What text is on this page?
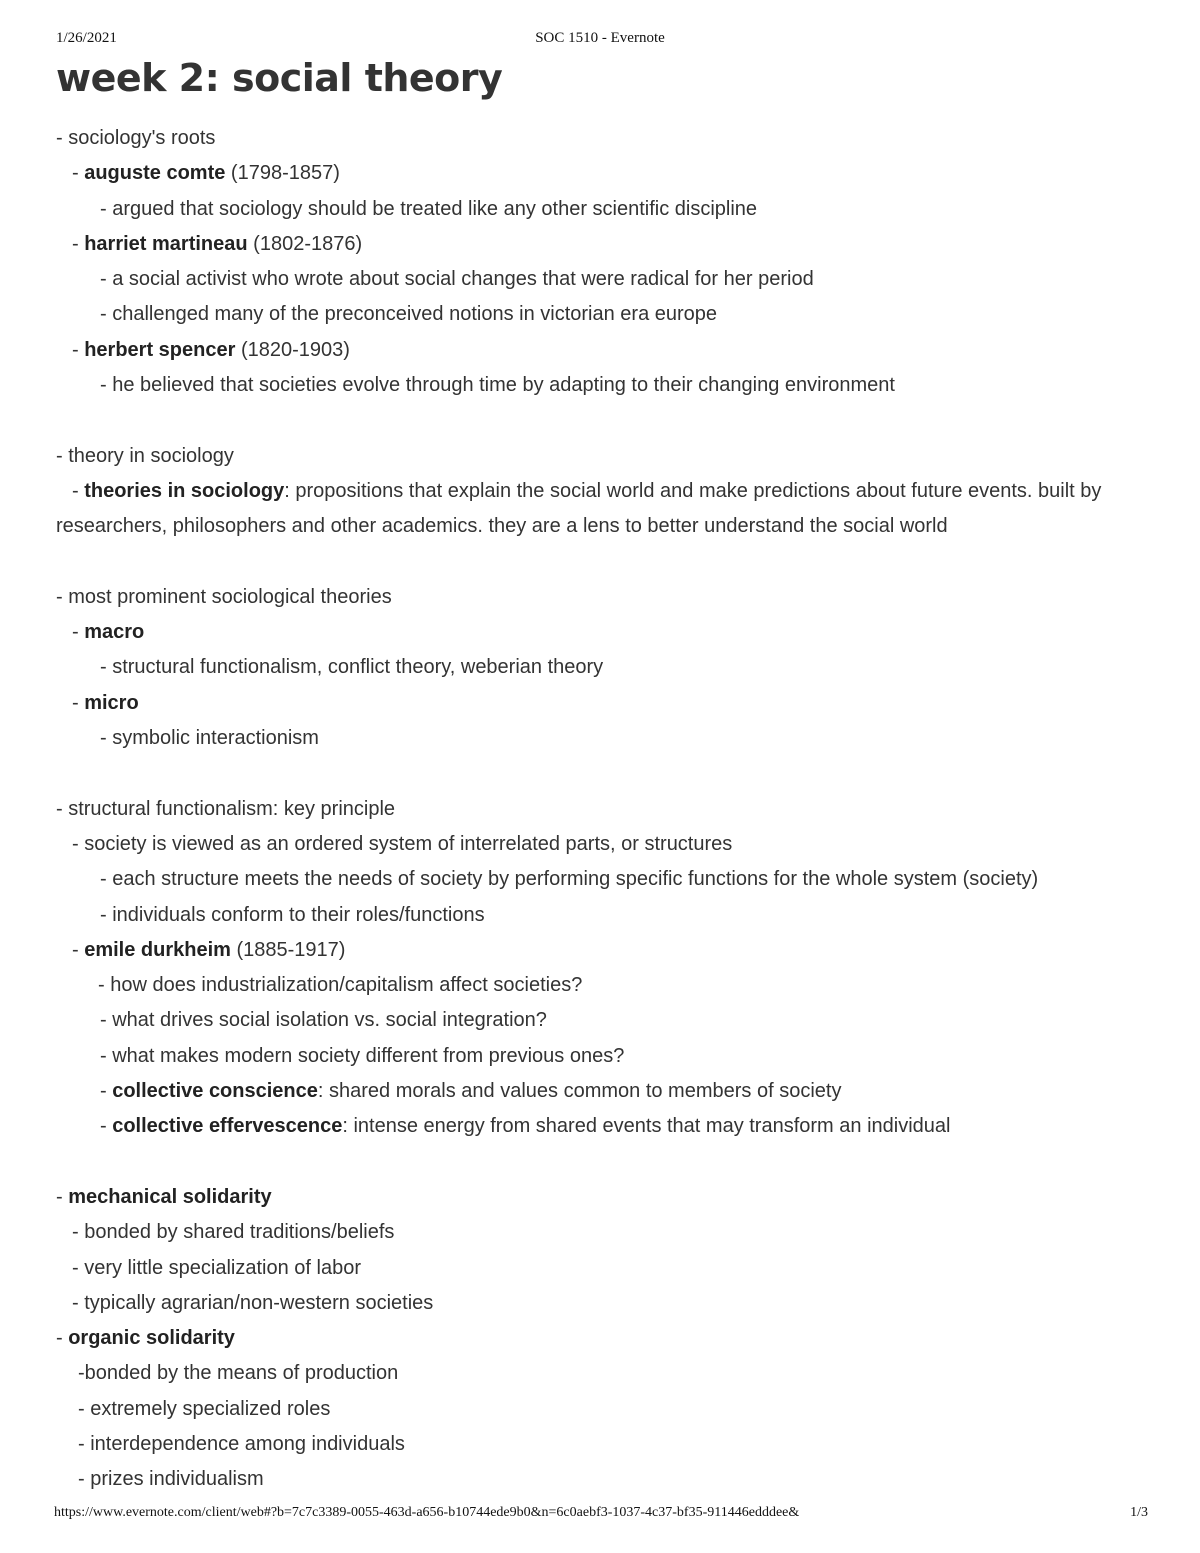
1/26/2021	SOC 1510 - Evernote
week 2: social theory
- sociology's roots
- auguste comte (1798-1857)
- argued that sociology should be treated like any other scientific discipline
- harriet martineau (1802-1876)
- a social activist who wrote about social changes that were radical for her period
- challenged many of the preconceived notions in victorian era europe
- herbert spencer (1820-1903)
- he believed that societies evolve through time by adapting to their changing environment
- theory in sociology
- theories in sociology: propositions that explain the social world and make predictions about future events. built by researchers, philosophers and other academics. they are a lens to better understand the social world
- most prominent sociological theories
- macro
- structural functionalism, conflict theory, weberian theory
- micro
- symbolic interactionism
- structural functionalism: key principle
- society is viewed as an ordered system of interrelated parts, or structures
- each structure meets the needs of society by performing specific functions for the whole system (society)
- individuals conform to their roles/functions
- emile durkheim (1885-1917)
- how does industrialization/capitalism affect societies?
- what drives social isolation vs. social integration?
- what makes modern society different from previous ones?
- collective conscience: shared morals and values common to members of society
- collective effervescence: intense energy from shared events that may transform an individual
- mechanical solidarity
- bonded by shared traditions/beliefs
- very little specialization of labor
- typically agrarian/non-western societies
- organic solidarity
-bonded by the means of production
- extremely specialized roles
- interdependence among individuals
- prizes individualism
https://www.evernote.com/client/web#?b=7c7c3389-0055-463d-a656-b10744ede9b0&n=6c0aebf3-1037-4c37-bf35-911446edddee&	1/3
